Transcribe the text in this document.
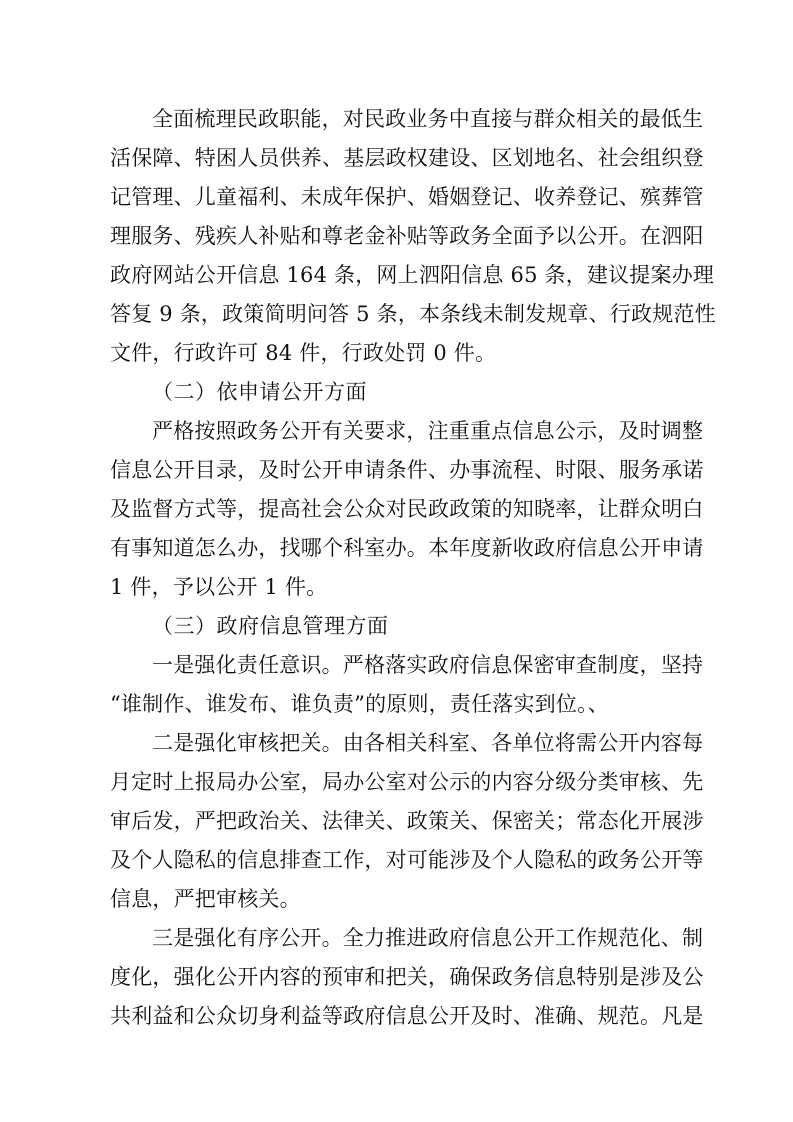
全面梳理民政职能，对民政业务中直接与群众相关的最低生
活保障、特困人员供养、基层政权建设、区划地名、社会组织登
记管理、儿童福利、未成年保护、婚姻登记、收养登记、殡葬管
理服务、残疾人补贴和尊老金补贴等政务全面予以公开。在泗阳
政府网站公开信息 164 条，网上泗阳信息 65 条，建议提案办理
答复 9 条，政策简明问答 5 条，本条线未制发规章、行政规范性
文件，行政许可 84 件，行政处罚 0 件。
（二）依申请公开方面
严格按照政务公开有关要求，注重重点信息公示，及时调整
信息公开目录，及时公开申请条件、办事流程、时限、服务承诺
及监督方式等，提高社会公众对民政政策的知晓率，让群众明白
有事知道怎么办，找哪个科室办。本年度新收政府信息公开申请
1 件，予以公开 1 件。
（三）政府信息管理方面
一是强化责任意识。严格落实政府信息保密审查制度，坚持
“谁制作、谁发布、谁负责”的原则，责任落实到位。、
二是强化审核把关。由各相关科室、各单位将需公开内容每
月定时上报局办公室，局办公室对公示的内容分级分类审核、先
审后发，严把政治关、法律关、政策关、保密关；常态化开展涉
及个人隐私的信息排查工作，对可能涉及个人隐私的政务公开等
信息，严把审核关。
三是强化有序公开。全力推进政府信息公开工作规范化、制
度化，强化公开内容的预审和把关，确保政务信息特别是涉及公
共利益和公众切身利益等政府信息公开及时、准确、规范。凡是
